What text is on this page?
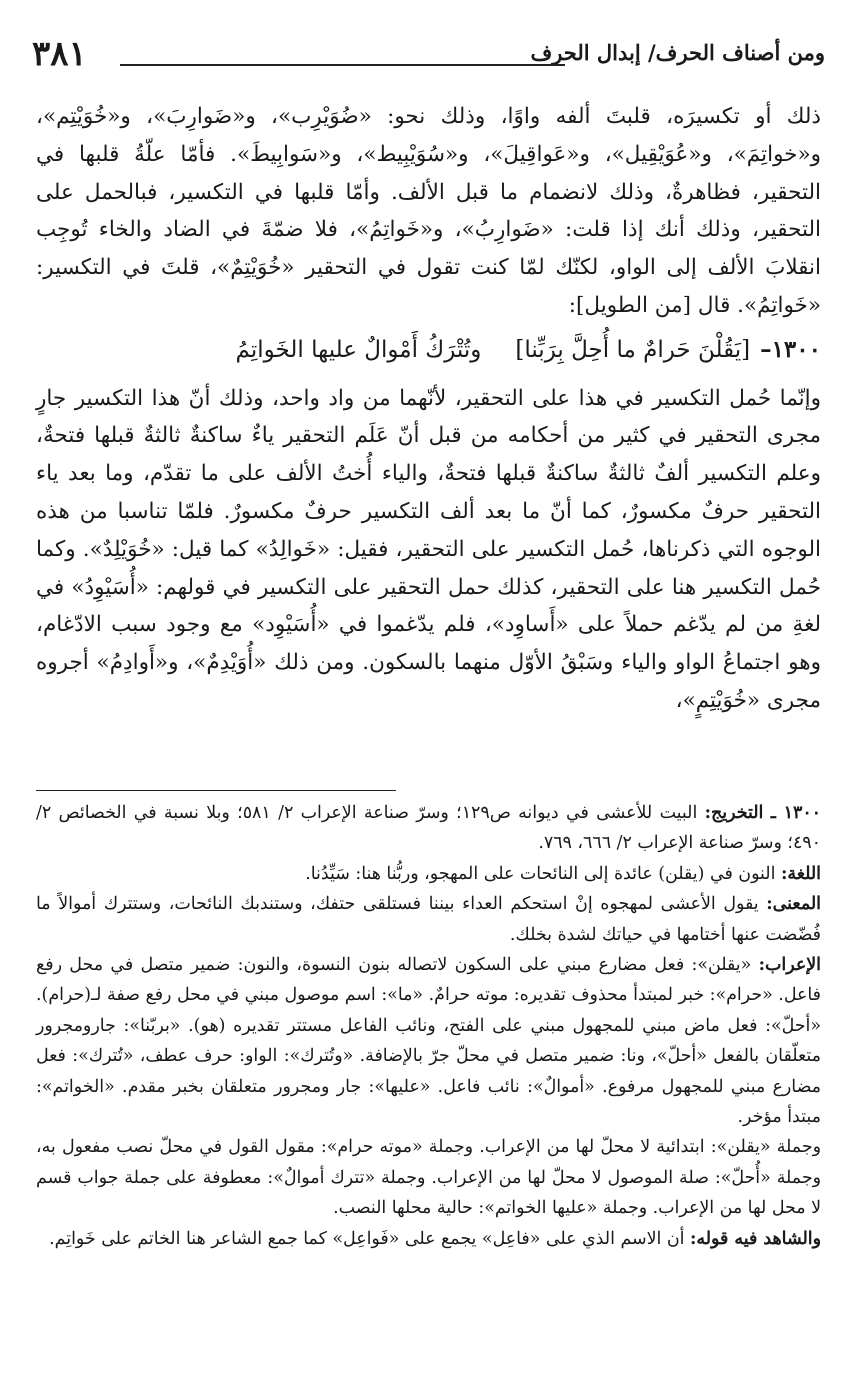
ومن أصناف الحرف/ إبدال الحرف
٣٨١

ذلك أو تكسيرَه، قلبتَ ألفه واوًا، وذلك نحو: «ضُوَيْرِب»، و«ضَوارِبَ»، و«خُوَيْتِم»، و«خواتِمَ»، و«عُوَيْقِيل»، و«عَواقِيلَ»، و«سُوَيْبِيط»، و«سَوابِيطَ». فأمّا علّةُ قلبها في التحقير، فظاهرةٌ، وذلك لانضمام ما قبل الألف. وأمّا قلبها في التكسير، فبالحمل على التحقير، وذلك أنك إذا قلت: «ضَوارِبُ»، و«خَواتِمُ»، فلا ضمّةَ في الضاد والخاء تُوجِب انقلابَ الألف إلى الواو، لكنّك لمّا كنت تقول في التحقير «خُوَيْتِمٌ»، قلتَ في التكسير: «خَواتِمُ». قال [من الطويل]:

١٣٠٠–
[يَقُلْنَ حَرامٌ ما أُحِلَّ بِرَبِّنا]
وتُتْرَكُ أَمْوالٌ عليها الخَواتِمُ

وإنّما حُمل التكسير في هذا على التحقير، لأنّهما من واد واحد، وذلك أنّ هذا التكسير جارٍ مجرى التحقير في كثير من أحكامه من قبل أنّ عَلَم التحقير ياءٌ ساكنةٌ ثالثةٌ قبلها فتحةٌ، وعلم التكسير ألفٌ ثالثةٌ ساكنةٌ قبلها فتحةٌ، والياء أُختُ الألف على ما تقدّم، وما بعد ياء التحقير حرفٌ مكسورٌ، كما أنّ ما بعد ألف التكسير حرفٌ مكسورٌ. فلمّا تناسبا من هذه الوجوه التي ذكرناها، حُمل التكسير على التحقير، فقيل: «خَوالِدُ» كما قيل: «خُوَيْلِدٌ». وكما حُمل التكسير هنا على التحقير، كذلك حمل التحقير على التكسير في قولهم: «أُسَيْوِدُ» في لغةِ من لم يدّغم حملاً على «أَساوِد»، فلم يدّغموا في «أُسَيْوِد» مع وجود سبب الادّغام، وهو اجتماعُ الواو والياء وسَبْقُ الأوّل منهما بالسكون. ومن ذلك «أُوَيْدِمٌ»، و«أَوادِمُ» أجروه مجرى «خُوَيْتِمٍ»،

١٣٠٠ ـ التخريج: البيت للأعشى في ديوانه ص١٢٩؛ وسرّ صناعة الإعراب ٢/ ٥٨١؛ وبلا نسبة في الخصائص ٢/ ٤٩٠؛ وسرّ صناعة الإعراب ٢/ ٦٦٦، ٧٦٩.

اللغة: النون في (يقلن) عائدة إلى النائحات على المهجو، وربُّنا هنا: سَيِّدُنا.

المعنى: يقول الأعشى لمهجوه إنْ استحكم العداء بيننا فستلقى حتفك، وستندبك النائحات، وستترك أموالاً ما فُضّضت عنها أختامها في حياتك لشدة بخلك.

الإعراب: «يقلن»: فعل مضارع مبني على السكون لاتصاله بنون النسوة، والنون: ضمير متصل في محل رفع فاعل. «حرام»: خبر لمبتدأ محذوف تقديره: موته حرامٌ. «ما»: اسم موصول مبني في محل رفع صفة لـ(حرام). «أحلّ»: فعل ماض مبني للمجهول مبني على الفتح، ونائب الفاعل مستتر تقديره (هو). «بربّنا»: جارومجرور متعلّقان بالفعل «أحلّ»، ونا: ضمير متصل في محلّ جرّ بالإضافة. «وتُترك»: الواو: حرف عطف، «تُترك»: فعل مضارع مبني للمجهول مرفوع. «أموالٌ»: نائب فاعل. «عليها»: جار ومجرور متعلقان بخبر مقدم. «الخواتم»: مبتدأ مؤخر.

وجملة «يقلن»: ابتدائية لا محلّ لها من الإعراب. وجملة «موته حرام»: مقول القول في محلّ نصب مفعول به، وجملة «أُحلّ»: صلة الموصول لا محلّ لها من الإعراب. وجملة «تترك أموالٌ»: معطوفة على جملة جواب قسم لا محل لها من الإعراب. وجملة «عليها الخواتم»: حالية محلها النصب.

والشاهد فيه قوله: أن الاسم الذي على «فاعِل» يجمع على «فَواعِل» كما جمع الشاعر هنا الخاتم على خَواتِم.
